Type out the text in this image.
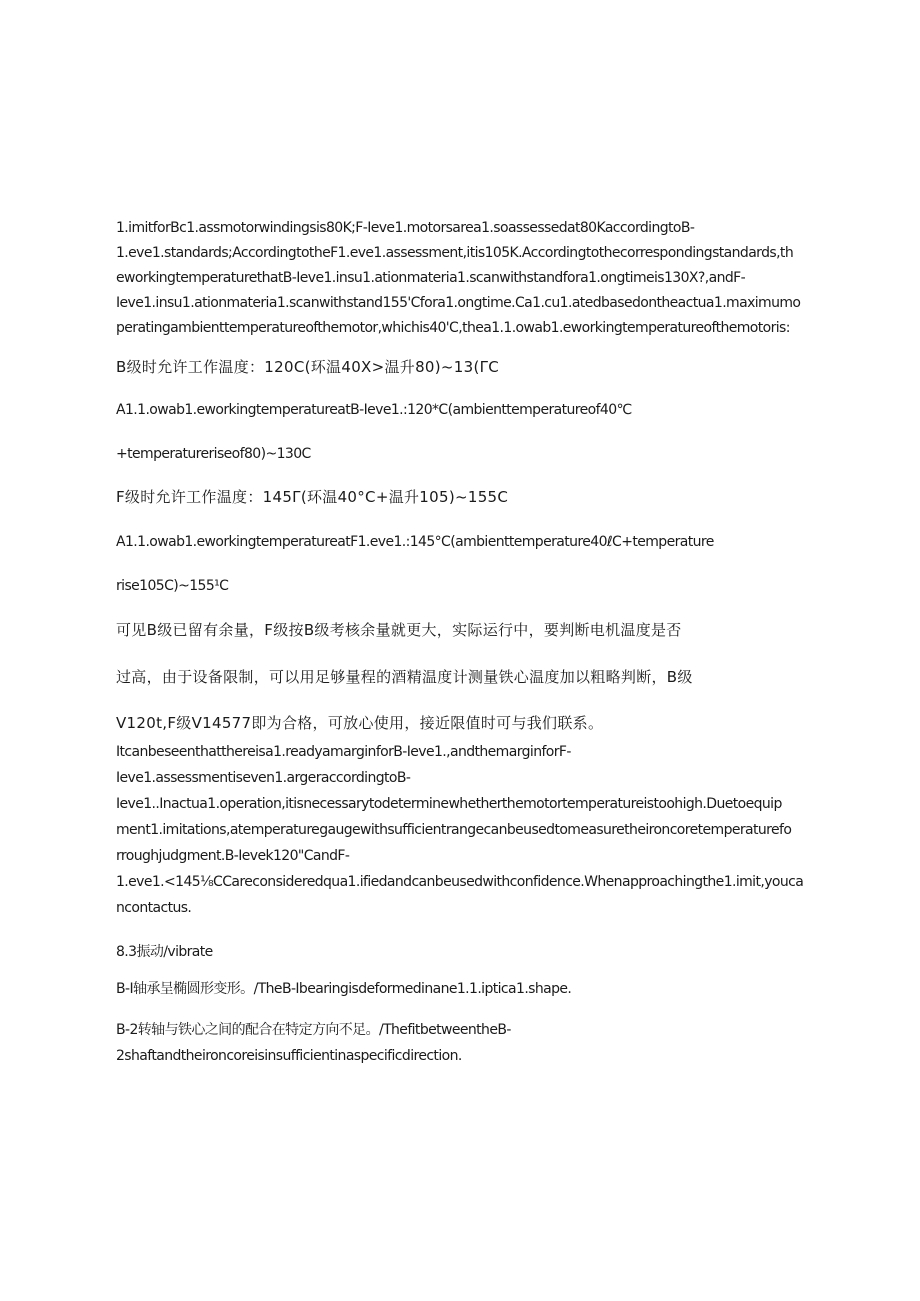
1.imitforBc1.assmotorwindingsis80K;F-Ieve1.motorsarea1.soassessedat80KaccordingtoB-
1.eve1.standards;AccordingtotheF1.eve1.assessment,itis105K.Accordingtothecorrespondingstandards,th
eworkingtemperaturethatB-Ieve1.insu1.ationmateria1.scanwithstandfora1.ongtimeis130X?,andF-
Ieve1.insu1.ationmateria1.scanwithstand155'Cfora1.ongtime.Ca1.cu1.atedbasedontheactua1.maximumo
peratingambienttemperatureofthemotor,whichis40'C,thea1.1.owab1.eworkingtemperatureofthemotoris:
B级时允许工作温度：120C(环温40X>温升80)~13(ΓC
A1.1.owab1.eworkingtemperatureatB-Ieve1.:120*C(ambienttemperatureof40℃
+temperatureriseof80)~130C
F级时允许工作温度：145Γ(环温40°C+温升105)~155C
A1.1.owab1.eworkingtemperatureatF1.eve1.:145°C(ambienttemperature40ℓC+temperature
rise105C)~155¹C
可见B级已留有余量，F级按B级考核余量就更大，实际运行中，要判断电机温度是否
过高，由于设备限制，可以用足够量程的酒精温度计测量铁心温度加以粗略判断，B级
V120t,F级V14577即为合格，可放心使用，接近限值时可与我们联系。
Itcanbeseenthatthereisa1.readyamarginforB-Ieve1.,andthemarginforF-
Ieve1.assessmentiseven1.argeraccordingtoB-
Ieve1..Inactua1.operation,itisnecessarytodeterminewhetherthemotortemperatureistoohigh.Duetoequip
ment1.imitations,atemperaturegaugewithsufficientrangecanbeusedtomeasuretheironcoretemperaturefo
rroughjudgment.B-Ievek120"CandF-
1.eve1.<145⅛CCareconsideredqua1.ifiedandcanbeusedwithconfidence.Whenapproachingthe1.imit,youca
ncontactus.
8.3振动/vibrate
B-I轴承呈椭圆形变形。/TheB-Ibearingisdeformedinane1.1.iptica1.shape.
B-2转轴与铁心之间的配合在特定方向不足。/ThefitbetweentheB-
2shaftandtheironcoreisinsufficientinaspecificdirection.
